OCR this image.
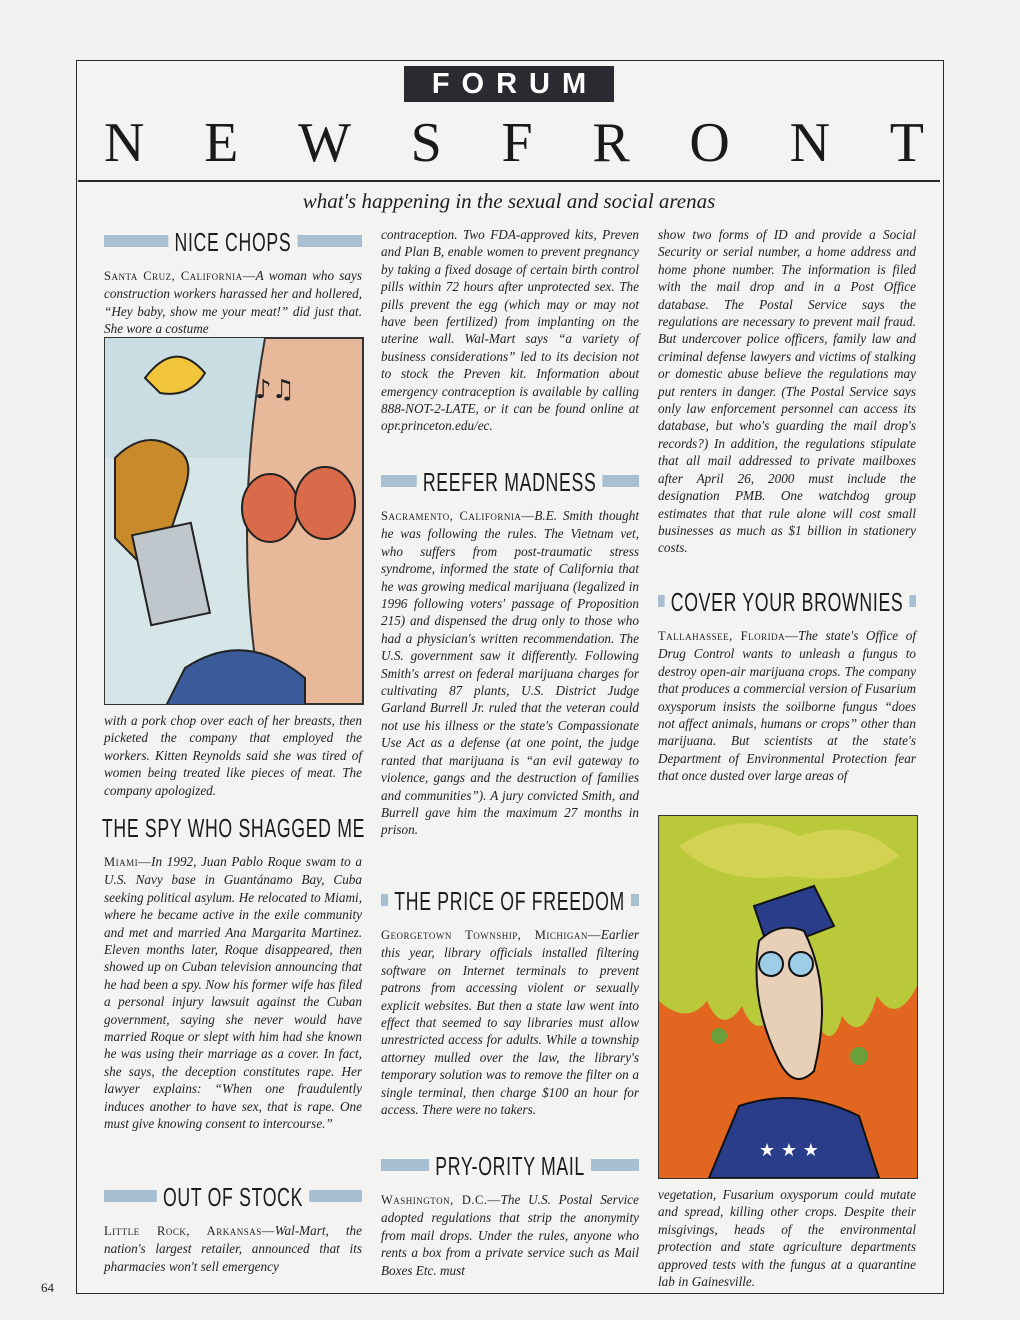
FORUM
N E W S F R O N T
what's happening in the sexual and social arenas
NICE CHOPS

Santa Cruz, California—A woman who says construction workers harassed her and hollered, “Hey baby, show me your meat!” did just that. She wore a costume

♪♫

with a pork chop over each of her breasts, then picketed the company that employed the workers. Kitten Reynolds said she was tired of women being treated like pieces of meat. The company apologized.

THE SPY WHO SHAGGED ME

Miami—In 1992, Juan Pablo Roque swam to a U.S. Navy base in Guantánamo Bay, Cuba seeking political asylum. He relocated to Miami, where he became active in the exile community and met and married Ana Margarita Martinez. Eleven months later, Roque disappeared, then showed up on Cuban television announcing that he had been a spy. Now his former wife has filed a personal injury lawsuit against the Cuban government, saying she never would have married Roque or slept with him had she known he was using their marriage as a cover. In fact, she says, the deception constitutes rape. Her lawyer explains: “When one fraudulently induces another to have sex, that is rape. One must give knowing consent to intercourse.”

OUT OF STOCK

Little Rock, Arkansas—Wal-Mart, the nation's largest retailer, announced that its pharmacies won't sell emergency

contraception. Two FDA-approved kits, Preven and Plan B, enable women to prevent pregnancy by taking a fixed dosage of certain birth control pills within 72 hours after unprotected sex. The pills prevent the egg (which may or may not have been fertilized) from implanting on the uterine wall. Wal-Mart says “a variety of business considerations” led to its decision not to stock the Preven kit. Information about emergency contraception is available by calling 888-NOT-2-LATE, or it can be found online at opr.princeton.edu/ec.

REEFER MADNESS

Sacramento, California—B.E. Smith thought he was following the rules. The Vietnam vet, who suffers from post-traumatic stress syndrome, informed the state of California that he was growing medical marijuana (legalized in 1996 following voters' passage of Proposition 215) and dispensed the drug only to those who had a physician's written recommendation. The U.S. government saw it differently. Following Smith's arrest on federal marijuana charges for cultivating 87 plants, U.S. District Judge Garland Burrell Jr. ruled that the veteran could not use his illness or the state's Compassionate Use Act as a defense (at one point, the judge ranted that marijuana is “an evil gateway to violence, gangs and the destruction of families and communities”). A jury convicted Smith, and Burrell gave him the maximum 27 months in prison.

THE PRICE OF FREEDOM

Georgetown Township, Michigan—Earlier this year, library officials installed filtering software on Internet terminals to prevent patrons from accessing violent or sexually explicit websites. But then a state law went into effect that seemed to say libraries must allow unrestricted access for adults. While a township attorney mulled over the law, the library's temporary solution was to remove the filter on a single terminal, then charge $100 an hour for access. There were no takers.

PRY-ORITY MAIL

Washington, D.C.—The U.S. Postal Service adopted regulations that strip the anonymity from mail drops. Under the rules, anyone who rents a box from a private service such as Mail Boxes Etc. must

show two forms of ID and provide a Social Security or serial number, a home address and home phone number. The information is filed with the mail drop and in a Post Office database. The Postal Service says the regulations are necessary to prevent mail fraud. But undercover police officers, family law and criminal defense lawyers and victims of stalking or domestic abuse believe the regulations may put renters in danger. (The Postal Service says only law enforcement personnel can access its database, but who's guarding the mail drop's records?) In addition, the regulations stipulate that all mail addressed to private mailboxes after April 26, 2000 must include the designation PMB. One watchdog group estimates that that rule alone will cost small businesses as much as $1 billion in stationery costs.

COVER YOUR BROWNIES

Tallahassee, Florida—The state's Office of Drug Control wants to unleash a fungus to destroy open-air marijuana crops. The company that produces a commercial version of Fusarium oxysporum insists the soilborne fungus “does not affect animals, humans or crops” other than marijuana. But scientists at the state's Department of Environmental Protection fear that once dusted over large areas of

★ ★ ★

vegetation, Fusarium oxysporum could mutate and spread, killing other crops. Despite their misgivings, heads of the environmental protection and state agriculture departments approved tests with the fungus at a quarantine lab in Gainesville.

64
